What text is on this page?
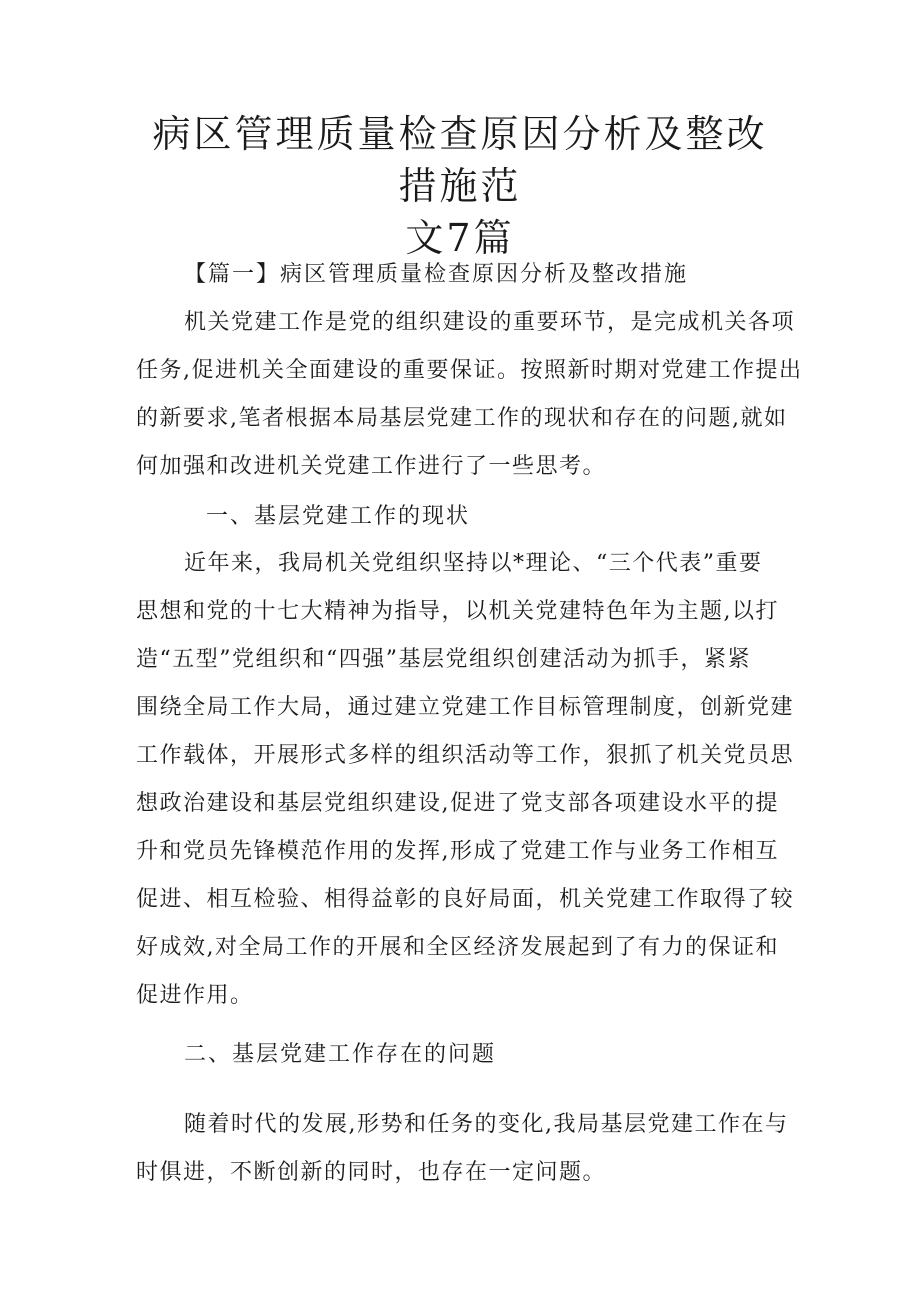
病区管理质量检查原因分析及整改措施范
文7篇
【篇一】病区管理质量检查原因分析及整改措施
机关党建工作是党的组织建设的重要环节，是完成机关各项
任务,促进机关全面建设的重要保证。按照新时期对党建工作提出
的新要求,笔者根据本局基层党建工作的现状和存在的问题,就如
何加强和改进机关党建工作进行了一些思考。
一、基层党建工作的现状
近年来，我局机关党组织坚持以*理论、“三个代表”重要
思想和党的十七大精神为指导，以机关党建特色年为主题,以打
造“五型”党组织和“四强”基层党组织创建活动为抓手，紧紧
围绕全局工作大局，通过建立党建工作目标管理制度，创新党建
工作载体，开展形式多样的组织活动等工作，狠抓了机关党员思
想政治建设和基层党组织建设,促进了党支部各项建设水平的提
升和党员先锋模范作用的发挥,形成了党建工作与业务工作相互
促进、相互检验、相得益彰的良好局面，机关党建工作取得了较
好成效,对全局工作的开展和全区经济发展起到了有力的保证和
促进作用。
二、基层党建工作存在的问题
随着时代的发展,形势和任务的变化,我局基层党建工作在与
时俱进，不断创新的同时，也存在一定问题。
